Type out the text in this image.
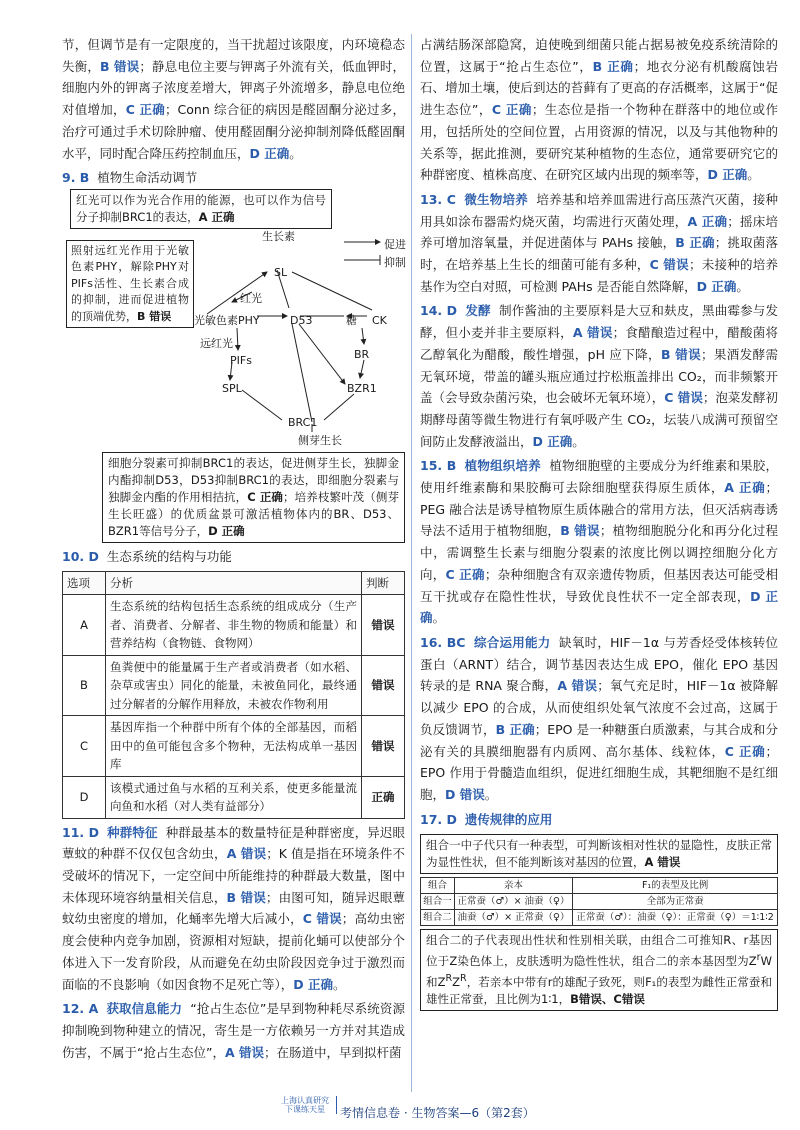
节，但调节是有一定限度的，当干扰超过该限度，内环境稳态失衡，B 错误；静息电位主要与钾离子外流有关，低血钾时，细胞内外的钾离子浓度差增大，钾离子外流增多，静息电位绝对值增加，C 正确；Conn 综合征的病因是醛固酮分泌过多，治疗可通过手术切除肿瘤、使用醛固酮分泌抑制剂降低醛固酮水平，同时配合降压药控制血压，D 正确。

9. B 植物生命活动调节

红光可以作为光合作用的能源，也可以作为信号分子抑制BRC1的表达，A 正确
照射远红光作用于光敏色素PHY，解除PHY对PIFs活性、生长素合成的抑制，进而促进植物的顶端优势，B 错误
生长素
红光
光敏色素PHY
远红光
SL
D53	糖 CK
PIFs
SPL
BR
BZR1
BRC1
侧芽生长
促进
抑制
细胞分裂素可抑制BRC1的表达，促进侧芽生长，独脚金内酯抑制D53，D53抑制BRC1的表达，即细胞分裂素与独脚金内酯的作用相拮抗，C 正确；培养枝繁叶茂（侧芽生长旺盛）的优质盆景可激活植物体内的BR、D53、BZR1等信号分子，D 正确

10. D 生态系统的结构与功能

选项	分析	判断
A	生态系统的结构包括生态系统的组成成分（生产者、消费者、分解者、非生物的物质和能量）和营养结构（食物链、食物网）	错误
B	鱼粪便中的能量属于生产者或消费者（如水稻、杂草或害虫）同化的能量，未被鱼同化，最终通过分解者的分解作用释放，未被农作物利用	错误
C	基因库指一个种群中所有个体的全部基因，而稻田中的鱼可能包含多个物种，无法构成单一基因库	错误
D	该模式通过鱼与水稻的互利关系，使更多能量流向鱼和水稻（对人类有益部分）	正确

11. D 种群特征 种群最基本的数量特征是种群密度，异迟眼蕈蚊的种群不仅仅包含幼虫，A 错误；K 值是指在环境条件不受破坏的情况下，一定空间中所能维持的种群最大数量，图中未体现环境容纳量相关信息，B 错误；由图可知，随异迟眼蕈蚊幼虫密度的增加，化蛹率先增大后减小，C 错误；高幼虫密度会使种内竞争加剧，资源相对短缺，提前化蛹可以使部分个体进入下一发育阶段，从而避免在幼虫阶段因竞争过于激烈而面临的不良影响（如因食物不足死亡等），D 正确。

12. A 获取信息能力 “抢占生态位”是早到物种耗尽系统资源抑制晚到物种建立的情况，寄生是一方依赖另一方并对其造成伤害，不属于“抢占生态位”，A 错误；在肠道中，早到拟杆菌

占满结肠深部隐窝，迫使晚到细菌只能占据易被免疫系统清除的位置，这属于“抢占生态位”，B 正确；地衣分泌有机酸腐蚀岩石、增加土壤，使后到达的苔藓有了更高的存活概率，这属于“促进生态位”，C 正确；生态位是指一个物种在群落中的地位或作用，包括所处的空间位置，占用资源的情况，以及与其他物种的关系等，据此推测，要研究某种植物的生态位，通常要研究它的种群密度、植株高度、在研究区域内出现的频率等，D 正确。

13. C 微生物培养 培养基和培养皿需进行高压蒸汽灭菌，接种用具如涂布器需灼烧灭菌，均需进行灭菌处理，A 正确；摇床培养可增加溶氧量，并促进菌体与 PAHs 接触，B 正确；挑取菌落时，在培养基上生长的细菌可能有多种，C 错误；未接种的培养基作为空白对照，可检测 PAHs 是否能自然降解，D 正确。

14. D 发酵 制作酱油的主要原料是大豆和麸皮，黑曲霉参与发酵，但小麦并非主要原料，A 错误；食醋酿造过程中，醋酸菌将乙醇氧化为醋酸，酸性增强，pH 应下降，B 错误；果酒发酵需无氧环境，带盖的罐头瓶应通过拧松瓶盖排出 CO₂，而非频繁开盖（会导致杂菌污染，也会破坏无氧环境），C 错误；泡菜发酵初期酵母菌等微生物进行有氧呼吸产生 CO₂，坛装八成满可预留空间防止发酵液溢出，D 正确。

15. B 植物组织培养 植物细胞壁的主要成分为纤维素和果胶，使用纤维素酶和果胶酶可去除细胞壁获得原生质体，A 正确；PEG 融合法是诱导植物原生质体融合的常用方法，但灭活病毒诱导法不适用于植物细胞，B 错误；植物细胞脱分化和再分化过程中，需调整生长素与细胞分裂素的浓度比例以调控细胞分化方向，C 正确；杂种细胞含有双亲遗传物质，但基因表达可能受相互干扰或存在隐性性状，导致优良性状不一定全部表现，D 正确。

16. BC 综合运用能力 缺氧时，HIF－1α 与芳香烃受体核转位蛋白（ARNT）结合，调节基因表达生成 EPO，催化 EPO 基因转录的是 RNA 聚合酶，A 错误；氧气充足时，HIF－1α 被降解以减少 EPO 的合成，从而使组织处氧气浓度不会过高，这属于负反馈调节，B 正确；EPO 是一种糖蛋白质激素，与其合成和分泌有关的具膜细胞器有内质网、高尔基体、线粒体，C 正确；EPO 作用于骨髓造血组织，促进红细胞生成，其靶细胞不是红细胞，D 错误。

17. D 遗传规律的应用

组合一中子代只有一种表型，可判断该相对性状的显隐性，皮肤正常为显性性状，但不能判断该对基因的位置，A 错误
组合	亲本	F₁的表型及比例
组合一	正常蚕（♂）× 油蚕（♀）	全部为正常蚕
组合二	油蚕（♂）× 正常蚕（♀）	正常蚕（♂）：油蚕（♀）：正常蚕（♀）＝1∶1∶2
组合二的子代表现出性状和性别相关联，由组合二可推知R、r基因位于Z染色体上，皮肤透明为隐性性状，组合二的亲本基因型为$Z^rW$和$Z^RZ^R$，若亲本中带有r的雄配子致死，则F₁的表型为雌性正常蚕和雄性正常蚕，且比例为1∶1，B错误、C错误
上海认真研究 下课练天星	考情信息卷 · 生物答案—6（第2套）
